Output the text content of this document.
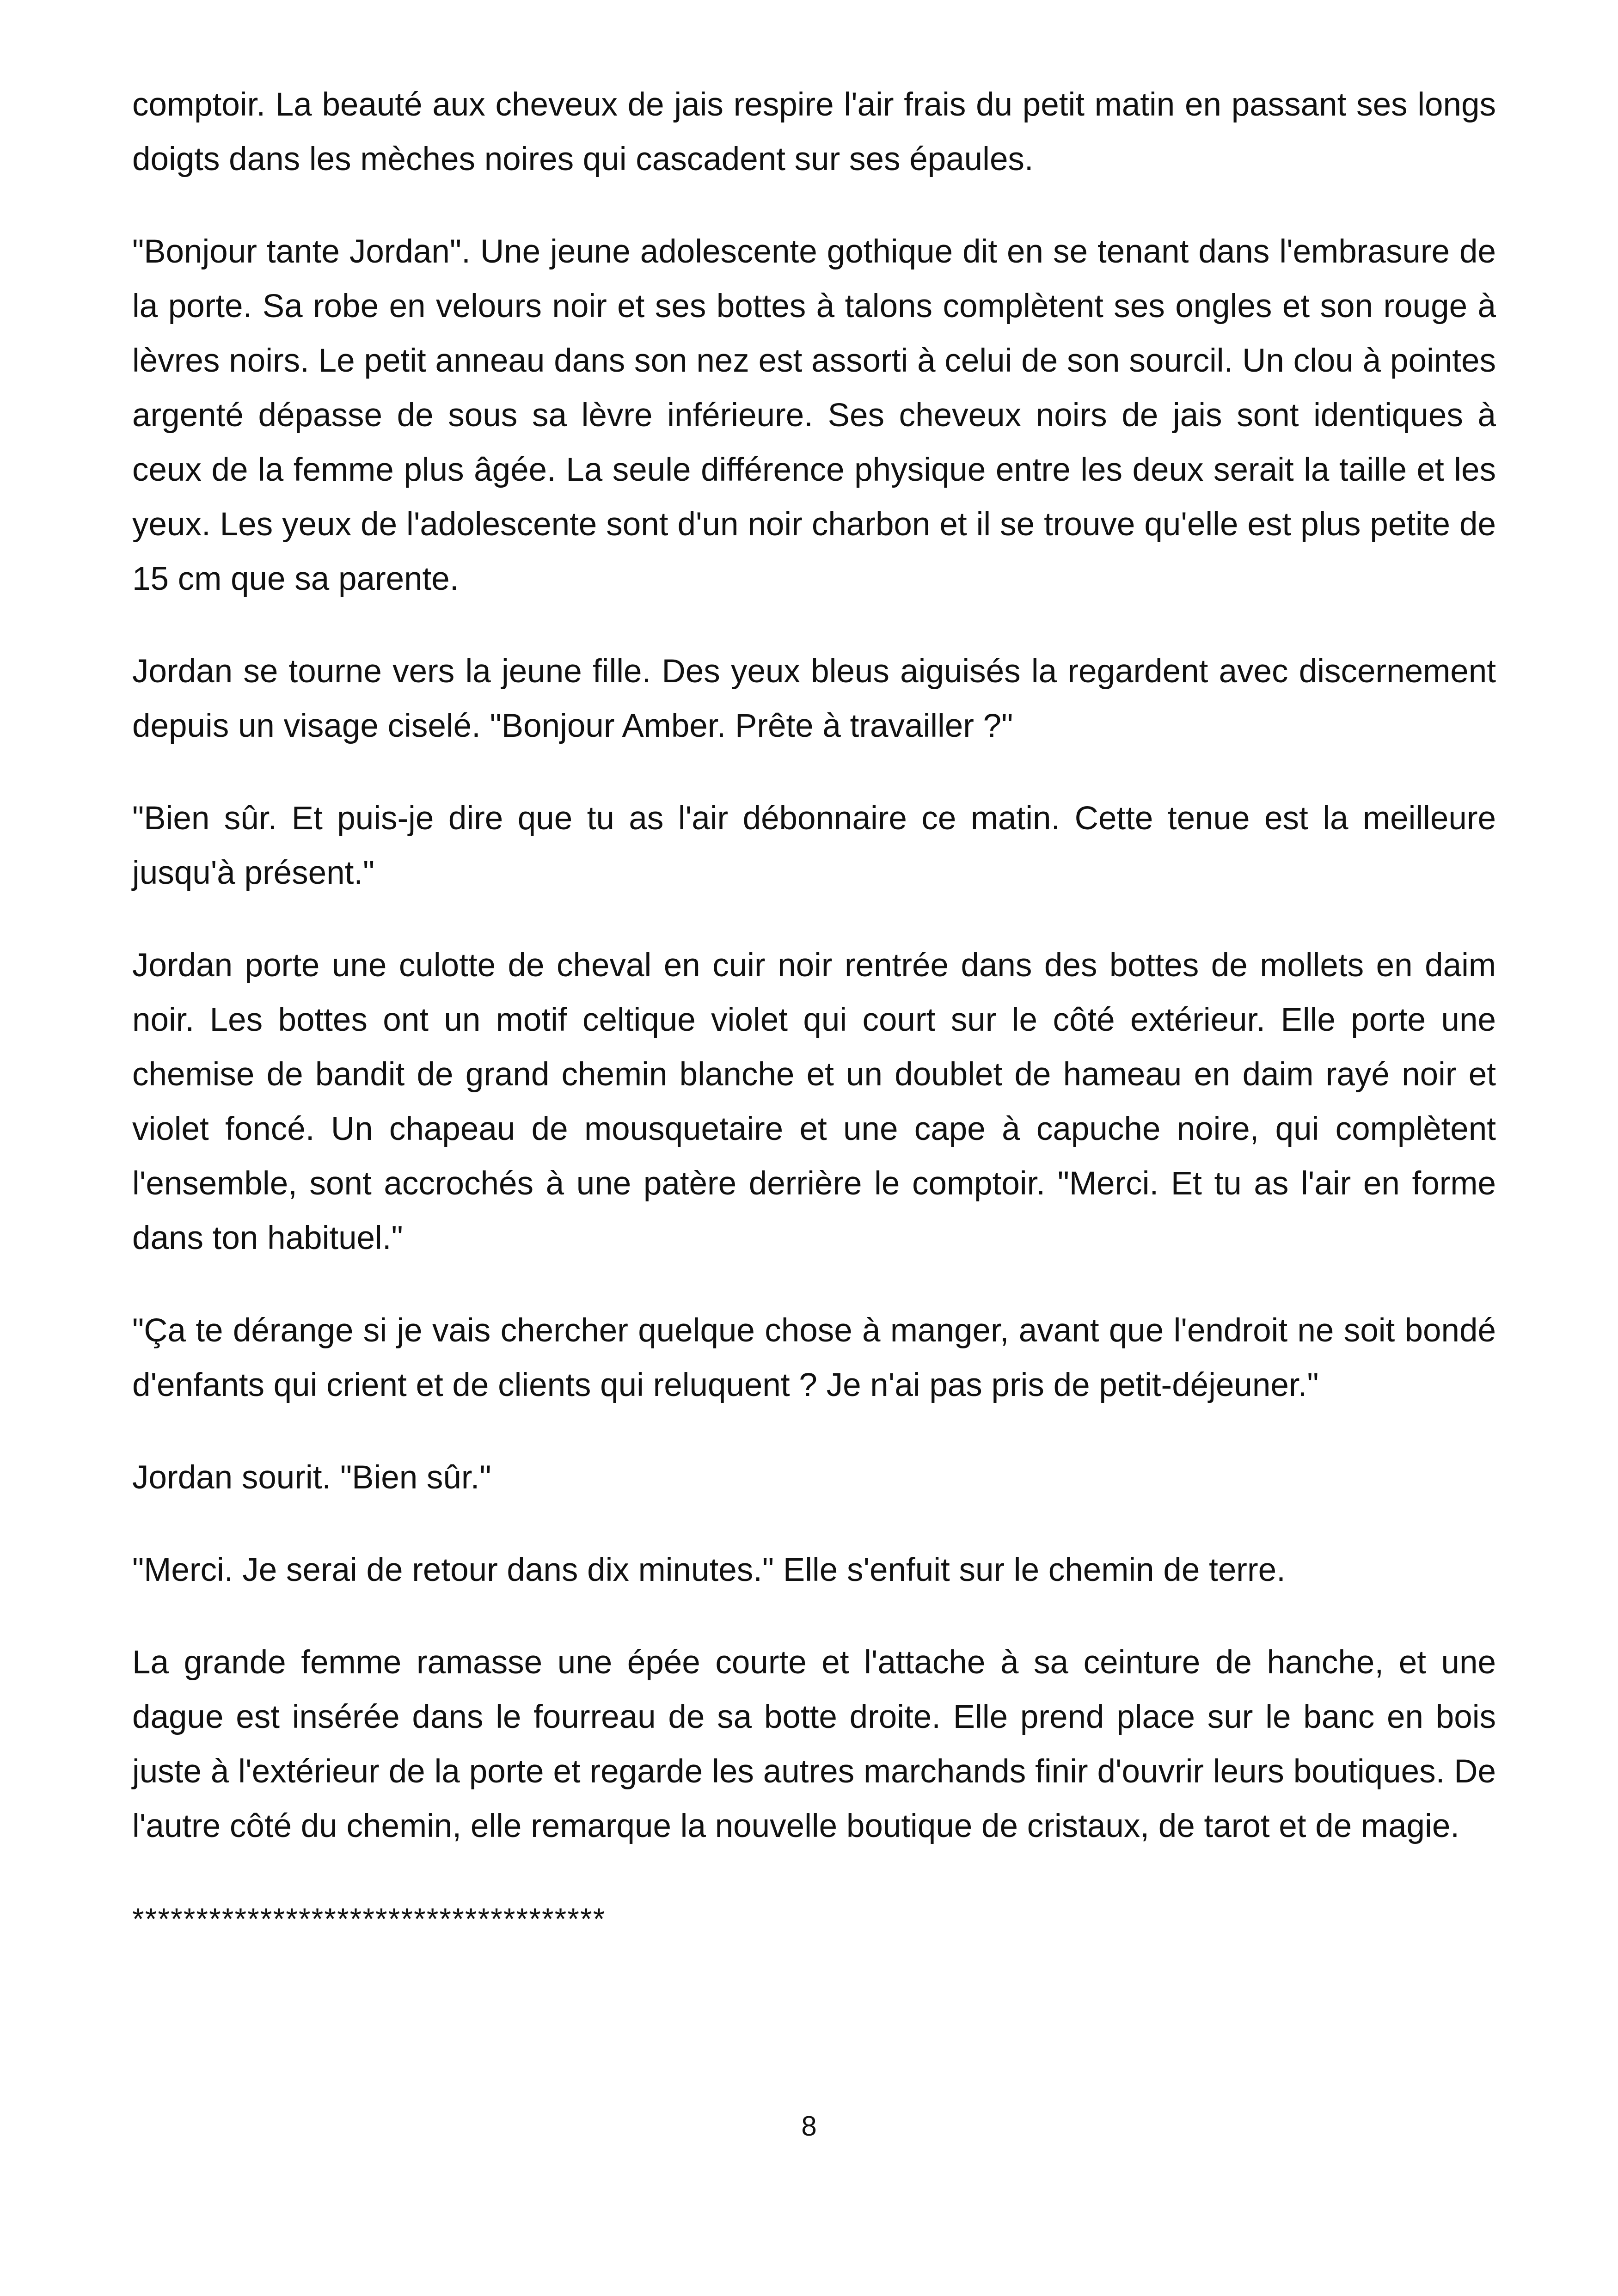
comptoir. La beauté aux cheveux de jais respire l'air frais du petit matin en passant ses longs doigts dans les mèches noires qui cascadent sur ses épaules.

"Bonjour tante Jordan". Une jeune adolescente gothique dit en se tenant dans l'embrasure de la porte. Sa robe en velours noir et ses bottes à talons complètent ses ongles et son rouge à lèvres noirs. Le petit anneau dans son nez est assorti à celui de son sourcil. Un clou à pointes argenté dépasse de sous sa lèvre inférieure. Ses cheveux noirs de jais sont identiques à ceux de la femme plus âgée. La seule différence physique entre les deux serait la taille et les yeux. Les yeux de l'adolescente sont d'un noir charbon et il se trouve qu'elle est plus petite de 15 cm que sa parente.

Jordan se tourne vers la jeune fille. Des yeux bleus aiguisés la regardent avec discernement depuis un visage ciselé. "Bonjour Amber. Prête à travailler ?"

"Bien sûr. Et puis-je dire que tu as l'air débonnaire ce matin. Cette tenue est la meilleure jusqu'à présent."

Jordan porte une culotte de cheval en cuir noir rentrée dans des bottes de mollets en daim noir. Les bottes ont un motif celtique violet qui court sur le côté extérieur. Elle porte une chemise de bandit de grand chemin blanche et un doublet de hameau en daim rayé noir et violet foncé. Un chapeau de mousquetaire et une cape à capuche noire, qui complètent l'ensemble, sont accrochés à une patère derrière le comptoir. "Merci. Et tu as l'air en forme dans ton habituel."

"Ça te dérange si je vais chercher quelque chose à manger, avant que l'endroit ne soit bondé d'enfants qui crient et de clients qui reluquent ? Je n'ai pas pris de petit-déjeuner."

Jordan sourit. "Bien sûr."

"Merci. Je serai de retour dans dix minutes." Elle s'enfuit sur le chemin de terre.

La grande femme ramasse une épée courte et l'attache à sa ceinture de hanche, et une dague est insérée dans le fourreau de sa botte droite. Elle prend place sur le banc en bois juste à l'extérieur de la porte et regarde les autres marchands finir d'ouvrir leurs boutiques. De l'autre côté du chemin, elle remarque la nouvelle boutique de cristaux, de tarot et de magie.

*************************************

8
